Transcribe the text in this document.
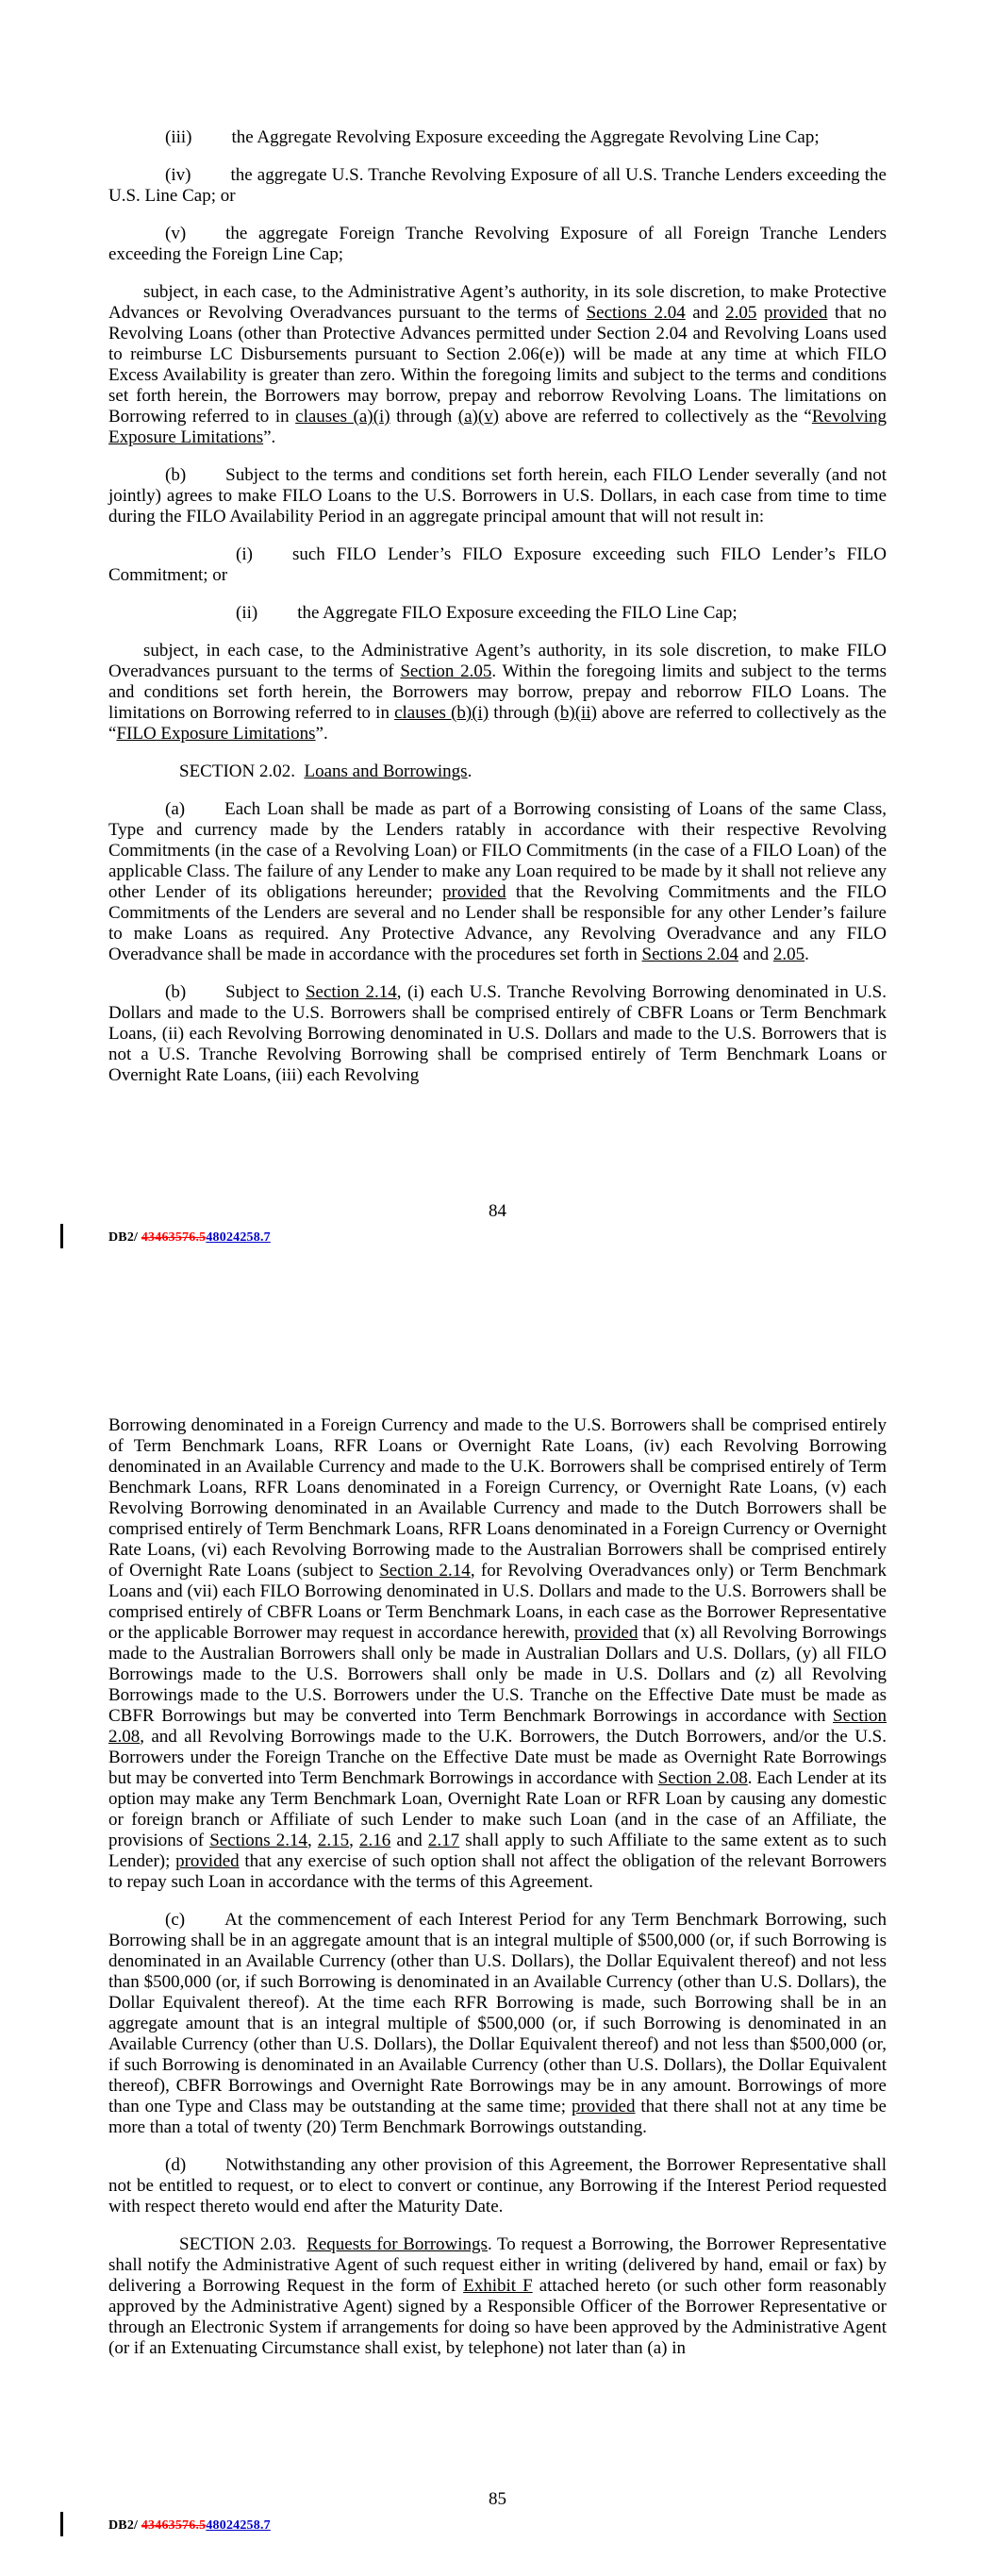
(iii) the Aggregate Revolving Exposure exceeding the Aggregate Revolving Line Cap;

(iv) the aggregate U.S. Tranche Revolving Exposure of all U.S. Tranche Lenders exceeding the U.S. Line Cap; or

(v) the aggregate Foreign Tranche Revolving Exposure of all Foreign Tranche Lenders exceeding the Foreign Line Cap;

subject, in each case, to the Administrative Agent’s authority, in its sole discretion, to make Protective Advances or Revolving Overadvances pursuant to the terms of Sections 2.04 and 2.05 provided that no Revolving Loans (other than Protective Advances permitted under Section 2.04 and Revolving Loans used to reimburse LC Disbursements pursuant to Section 2.06(e)) will be made at any time at which FILO Excess Availability is greater than zero. Within the foregoing limits and subject to the terms and conditions set forth herein, the Borrowers may borrow, prepay and reborrow Revolving Loans. The limitations on Borrowing referred to in clauses (a)(i) through (a)(v) above are referred to collectively as the “Revolving Exposure Limitations”.

(b) Subject to the terms and conditions set forth herein, each FILO Lender severally (and not jointly) agrees to make FILO Loans to the U.S. Borrowers in U.S. Dollars, in each case from time to time during the FILO Availability Period in an aggregate principal amount that will not result in:

(i) such FILO Lender’s FILO Exposure exceeding such FILO Lender’s FILO Commitment; or

(ii) the Aggregate FILO Exposure exceeding the FILO Line Cap;

subject, in each case, to the Administrative Agent’s authority, in its sole discretion, to make FILO Overadvances pursuant to the terms of Section 2.05. Within the foregoing limits and subject to the terms and conditions set forth herein, the Borrowers may borrow, prepay and reborrow FILO Loans. The limitations on Borrowing referred to in clauses (b)(i) through (b)(ii) above are referred to collectively as the “FILO Exposure Limitations”.

SECTION 2.02.  Loans and Borrowings.

(a) Each Loan shall be made as part of a Borrowing consisting of Loans of the same Class, Type and currency made by the Lenders ratably in accordance with their respective Revolving Commitments (in the case of a Revolving Loan) or FILO Commitments (in the case of a FILO Loan) of the applicable Class. The failure of any Lender to make any Loan required to be made by it shall not relieve any other Lender of its obligations hereunder; provided that the Revolving Commitments and the FILO Commitments of the Lenders are several and no Lender shall be responsible for any other Lender’s failure to make Loans as required. Any Protective Advance, any Revolving Overadvance and any FILO Overadvance shall be made in accordance with the procedures set forth in Sections 2.04 and 2.05.

(b) Subject to Section 2.14, (i) each U.S. Tranche Revolving Borrowing denominated in U.S. Dollars and made to the U.S. Borrowers shall be comprised entirely of CBFR Loans or Term Benchmark Loans, (ii) each Revolving Borrowing denominated in U.S. Dollars and made to the U.S. Borrowers that is not a U.S. Tranche Revolving Borrowing shall be comprised entirely of Term Benchmark Loans or Overnight Rate Loans, (iii) each Revolving

84
DB2/ 43463576.548024258.7

Borrowing denominated in a Foreign Currency and made to the U.S. Borrowers shall be comprised entirely of Term Benchmark Loans, RFR Loans or Overnight Rate Loans, (iv) each Revolving Borrowing denominated in an Available Currency and made to the U.K. Borrowers shall be comprised entirely of Term Benchmark Loans, RFR Loans denominated in a Foreign Currency, or Overnight Rate Loans, (v) each Revolving Borrowing denominated in an Available Currency and made to the Dutch Borrowers shall be comprised entirely of Term Benchmark Loans, RFR Loans denominated in a Foreign Currency or Overnight Rate Loans, (vi) each Revolving Borrowing made to the Australian Borrowers shall be comprised entirely of Overnight Rate Loans (subject to Section 2.14, for Revolving Overadvances only) or Term Benchmark Loans and (vii) each FILO Borrowing denominated in U.S. Dollars and made to the U.S. Borrowers shall be comprised entirely of CBFR Loans or Term Benchmark Loans, in each case as the Borrower Representative or the applicable Borrower may request in accordance herewith, provided that (x) all Revolving Borrowings made to the Australian Borrowers shall only be made in Australian Dollars and U.S. Dollars, (y) all FILO Borrowings made to the U.S. Borrowers shall only be made in U.S. Dollars and (z) all Revolving Borrowings made to the U.S. Borrowers under the U.S. Tranche on the Effective Date must be made as CBFR Borrowings but may be converted into Term Benchmark Borrowings in accordance with Section 2.08, and all Revolving Borrowings made to the U.K. Borrowers, the Dutch Borrowers, and/or the U.S. Borrowers under the Foreign Tranche on the Effective Date must be made as Overnight Rate Borrowings but may be converted into Term Benchmark Borrowings in accordance with Section 2.08. Each Lender at its option may make any Term Benchmark Loan, Overnight Rate Loan or RFR Loan by causing any domestic or foreign branch or Affiliate of such Lender to make such Loan (and in the case of an Affiliate, the provisions of Sections 2.14, 2.15, 2.16 and 2.17 shall apply to such Affiliate to the same extent as to such Lender); provided that any exercise of such option shall not affect the obligation of the relevant Borrowers to repay such Loan in accordance with the terms of this Agreement.

(c) At the commencement of each Interest Period for any Term Benchmark Borrowing, such Borrowing shall be in an aggregate amount that is an integral multiple of $500,000 (or, if such Borrowing is denominated in an Available Currency (other than U.S. Dollars), the Dollar Equivalent thereof) and not less than $500,000 (or, if such Borrowing is denominated in an Available Currency (other than U.S. Dollars), the Dollar Equivalent thereof). At the time each RFR Borrowing is made, such Borrowing shall be in an aggregate amount that is an integral multiple of $500,000 (or, if such Borrowing is denominated in an Available Currency (other than U.S. Dollars), the Dollar Equivalent thereof) and not less than $500,000 (or, if such Borrowing is denominated in an Available Currency (other than U.S. Dollars), the Dollar Equivalent thereof), CBFR Borrowings and Overnight Rate Borrowings may be in any amount. Borrowings of more than one Type and Class may be outstanding at the same time; provided that there shall not at any time be more than a total of twenty (20) Term Benchmark Borrowings outstanding.

(d) Notwithstanding any other provision of this Agreement, the Borrower Representative shall not be entitled to request, or to elect to convert or continue, any Borrowing if the Interest Period requested with respect thereto would end after the Maturity Date.

SECTION 2.03.  Requests for Borrowings. To request a Borrowing, the Borrower Representative shall notify the Administrative Agent of such request either in writing (delivered by hand, email or fax) by delivering a Borrowing Request in the form of Exhibit F attached hereto (or such other form reasonably approved by the Administrative Agent) signed by a Responsible Officer of the Borrower Representative or through an Electronic System if arrangements for doing so have been approved by the Administrative Agent (or if an Extenuating Circumstance shall exist, by telephone) not later than (a) in

85
DB2/ 43463576.548024258.7
